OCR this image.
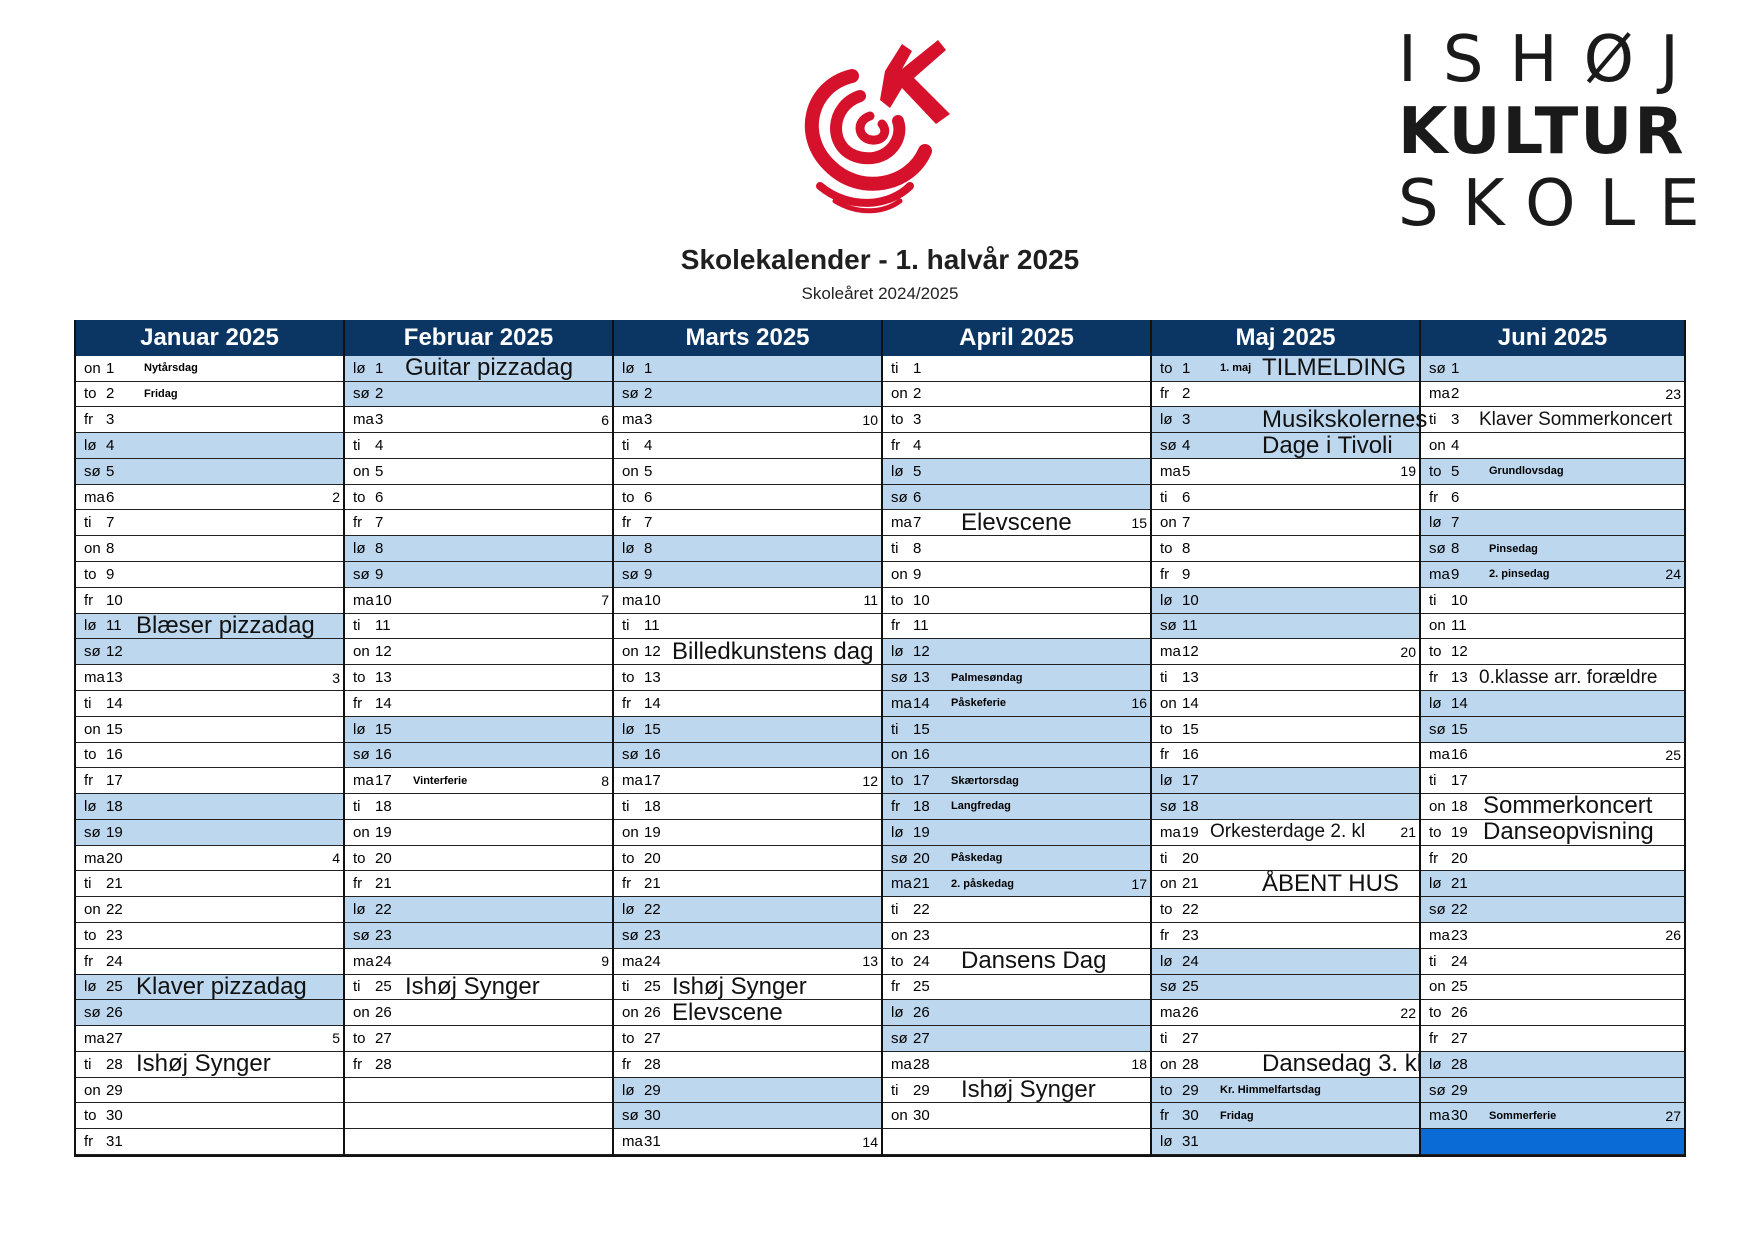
ISHØJ
KULTUR
SKOLE
Skolekalender - 1. halvår 2025
Skoleåret 2024/2025
Januar 2025
on 1	Nytårsdag
to 2	Fridag
fr 3
lø 4
sø 5
ma 6	2
ti 7
on 8
to 9
fr 10
lø 11 Blæser pizzadag
sø 12
ma 13	3
ti 14
on 15
to 16
fr 17
lø 18
sø 19
ma 20	4
ti 21
on 22
to 23
fr 24
lø 25 Klaver pizzadag
sø 26
ma 27	5
ti 28 Ishøj Synger
on 29
to 30
fr 31
Februar 2025
lø 1 Guitar pizzadag
sø 2
ma 3	6
ti 4
on 5
to 6
fr 7
lø 8
sø 9
ma 10	7
ti 11
on 12
to 13
fr 14
lø 15
sø 16
ma 17	Vinterferie	8
ti 18
on 19
to 20
fr 21
lø 22
sø 23
ma 24	9
ti 25 Ishøj Synger
on 26
to 27
fr 28
Marts 2025
lø 1
sø 2
ma 3	10
ti 4
on 5
to 6
fr 7
lø 8
sø 9
ma 10	11
ti 11
on 12 Billedkunstens dag
to 13
fr 14
lø 15
sø 16
ma 17	12
ti 18
on 19
to 20
fr 21
lø 22
sø 23
ma 24	13
ti 25 Ishøj Synger
on 26 Elevscene
to 27
fr 28
lø 29
sø 30
ma 31	14
April 2025
ti 1
on 2
to 3
fr 4
lø 5
sø 6
ma 7	Elevscene	15
ti 8
on 9
to 10
fr 11
lø 12
sø 13	Palmesøndag
ma 14	Påskeferie	16
ti 15
on 16
to 17	Skærtorsdag
fr 18	Langfredag
lø 19
sø 20	Påskedag
ma 21	2. påskedag	17
ti 22
on 23
to 24	Dansens Dag
fr 25
lø 26
sø 27
ma 28	18
ti 29	Ishøj Synger
on 30
Maj 2025
to 1	1. maj TILMELDING
fr 2
lø 3	Musikskolernes
sø 4	Dage i Tivoli
ma 5	19
ti 6
on 7
to 8
fr 9
lø 10
sø 11
ma 12	20
ti 13
on 14
to 15
fr 16
lø 17
sø 18
ma 19 Orkesterdage 2. kl	21
ti 20
on 21	ÅBENT HUS
to 22
fr 23
lø 24
sø 25
ma 26	22
ti 27
on 28	Dansedag 3. kl
to 29	Kr. Himmelfartsdag
fr 30	Fridag
lø 31
Juni 2025
sø 1
ma 2	23
ti 3	Klaver Sommerkoncert
on 4
to 5	Grundlovsdag
fr 6
lø 7
sø 8	Pinsedag
ma 9	2. pinsedag	24
ti 10
on 11
to 12
fr 13 0.klasse arr. forældre
lø 14
sø 15
ma 16	25
ti 17
on 18 Sommerkoncert
to 19 Danseopvisning
fr 20
lø 21
sø 22
ma 23	26
ti 24
on 25
to 26
fr 27
lø 28
sø 29
ma 30	Sommerferie	27
